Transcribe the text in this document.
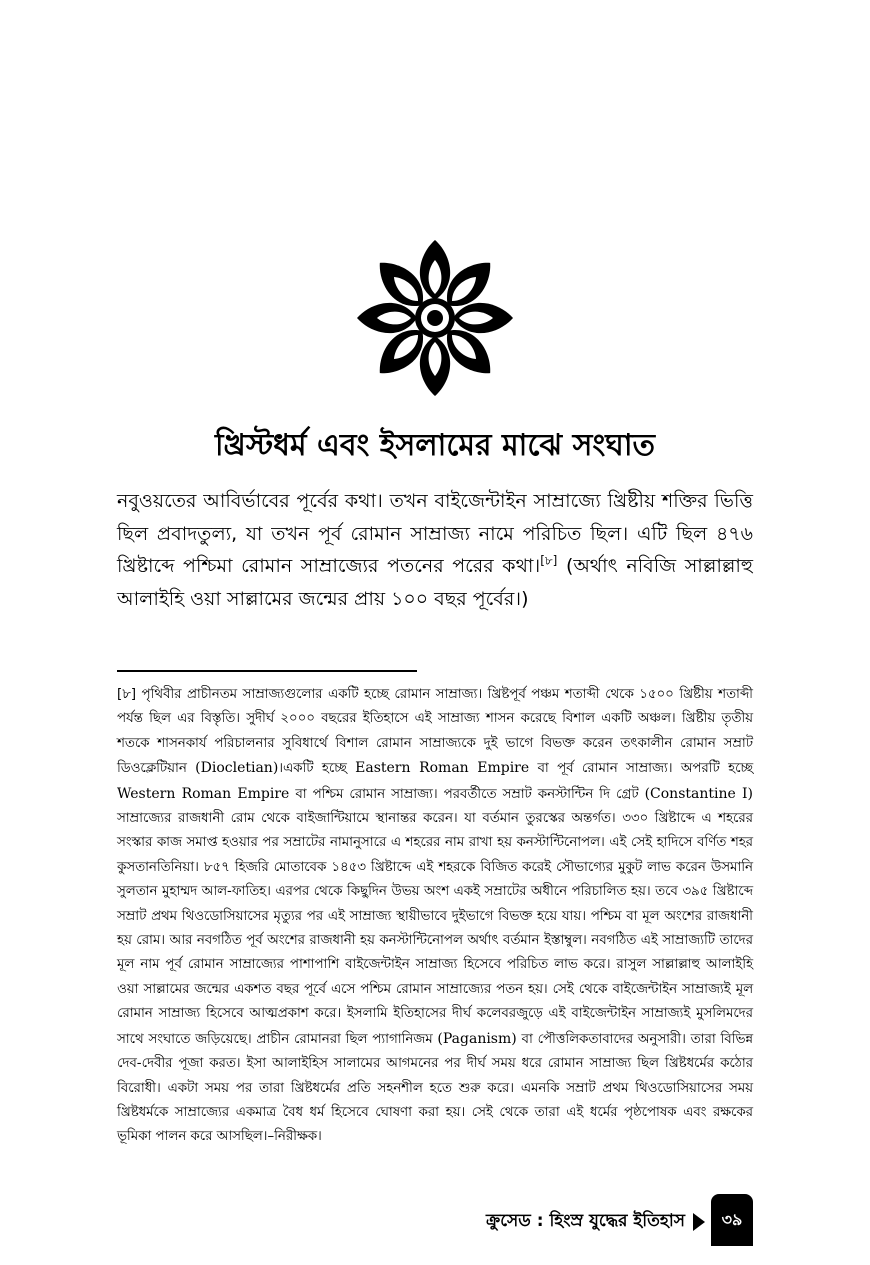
খ্রিস্টধর্ম এবং ইসলামের মাঝে সংঘাত

নবুওয়তের আবির্ভাবের পূর্বের কথা। তখন বাইজেন্টাইন সাম্রাজ্যে খ্রিষ্টীয় শক্তির ভিত্তি ছিল প্রবাদতুল্য, যা তখন পূর্ব রোমান সাম্রাজ্য নামে পরিচিত ছিল। এটি ছিল ৪৭৬ খ্রিষ্টাব্দে পশ্চিমা রোমান সাম্রাজ্যের পতনের পরের কথা।[৮] (অর্থাৎ নবিজি সাল্লাল্লাহু আলাইহি ওয়া সাল্লামের জন্মের প্রায় ১০০ বছর পূর্বের।)

[৮] পৃথিবীর প্রাচীনতম সাম্রাজ্যগুলোর একটি হচ্ছে রোমান সাম্রাজ্য। খ্রিষ্টপূর্ব পঞ্চম শতাব্দী থেকে ১৫০০ খ্রিষ্টীয় শতাব্দী পর্যন্ত ছিল এর বিস্তৃতি। সুদীর্ঘ ২০০০ বছরের ইতিহাসে এই সাম্রাজ্য শাসন করেছে বিশাল একটি অঞ্চল। খ্রিষ্টীয় তৃতীয় শতকে শাসনকার্য পরিচালনার সুবিধার্থে বিশাল রোমান সাম্রাজ্যকে দুই ভাগে বিভক্ত করেন তৎকালীন রোমান সম্রাট ডিওক্লেটিয়ান (Diocletian)।একটি হচ্ছে Eastern Roman Empire বা পূর্ব রোমান সাম্রাজ্য। অপরটি হচ্ছে Western Roman Empire বা পশ্চিম রোমান সাম্রাজ্য। পরবর্তীতে সম্রাট কনস্টান্টিন দি গ্রেট (Constantine I) সাম্রাজ্যের রাজধানী রোম থেকে বাইজান্টিয়ামে স্থানান্তর করেন। যা বর্তমান তুরস্কের অন্তর্গত। ৩৩০ খ্রিষ্টাব্দে এ শহরের সংস্কার কাজ সমাপ্ত হওয়ার পর সম্রাটের নামানুসারে এ শহরের নাম রাখা হয় কনস্টান্টিনোপল। এই সেই হাদিসে বর্ণিত শহর কুসতানতিনিয়া। ৮৫৭ হিজরি মোতাবেক ১৪৫৩ খ্রিষ্টাব্দে এই শহরকে বিজিত করেই সৌভাগ্যের মুকুট লাভ করেন উসমানি সুলতান মুহাম্মদ আল-ফাতিহ। এরপর থেকে কিছুদিন উভয় অংশ একই সম্রাটের অধীনে পরিচালিত হয়। তবে ৩৯৫ খ্রিষ্টাব্দে সম্রাট প্রথম থিওডোসিয়াসের মৃত্যুর পর এই সাম্রাজ্য স্থায়ীভাবে দুইভাগে বিভক্ত হয়ে যায়। পশ্চিম বা মূল অংশের রাজধানী হয় রোম। আর নবগঠিত পূর্ব অংশের রাজধানী হয় কনস্টান্টিনোপল অর্থাৎ বর্তমান ইস্তাম্বুল। নবগঠিত এই সাম্রাজ্যটি তাদের মূল নাম পূর্ব রোমান সাম্রাজ্যের পাশাপাশি বাইজেন্টাইন সাম্রাজ্য হিসেবে পরিচিত লাভ করে। রাসুল সাল্লাল্লাহু আলাইহি ওয়া সাল্লামের জন্মের একশত বছর পূর্বে এসে পশ্চিম রোমান সাম্রাজ্যের পতন হয়। সেই থেকে বাইজেন্টাইন সাম্রাজ্যই মূল রোমান সাম্রাজ্য হিসেবে আত্মপ্রকাশ করে। ইসলামি ইতিহাসের দীর্ঘ কলেবরজুড়ে এই বাইজেন্টাইন সাম্রাজ্যই মুসলিমদের সাথে সংঘাতে জড়িয়েছে। প্রাচীন রোমানরা ছিল প্যাগানিজম (Paganism) বা পৌত্তলিকতাবাদের অনুসারী। তারা বিভিন্ন দেব-দেবীর পূজা করত। ইসা আলাইহিস সালামের আগমনের পর দীর্ঘ সময় ধরে রোমান সাম্রাজ্য ছিল খ্রিষ্টধর্মের কঠোর বিরোধী। একটা সময় পর তারা খ্রিষ্টধর্মের প্রতি সহনশীল হতে শুরু করে। এমনকি সম্রাট প্রথম থিওডোসিয়াসের সময় খ্রিষ্টধর্মকে সাম্রাজ্যের একমাত্র বৈধ ধর্ম হিসেবে ঘোষণা করা হয়। সেই থেকে তারা এই ধর্মের পৃষ্ঠপোষক এবং রক্ষকের ভূমিকা পালন করে আসছিল।–নিরীক্ষক।

ক্রুসেড : হিংস্র যুদ্ধের ইতিহাস ৩৯
